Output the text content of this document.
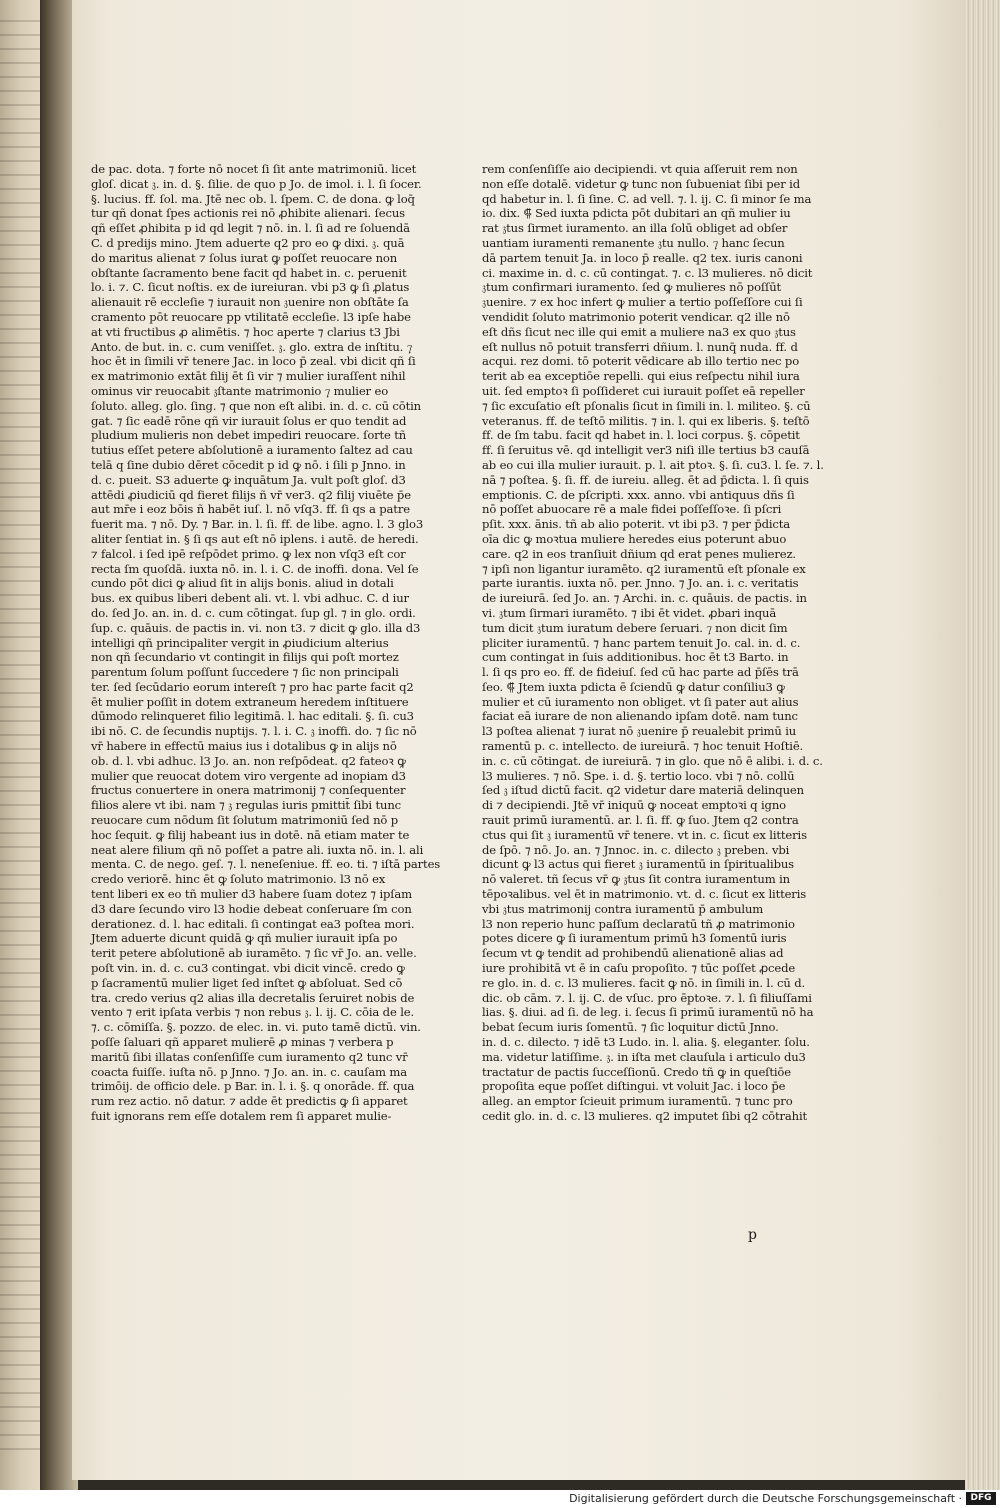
de pac. dota. ⁊ forte nō nocet ſi ſit ante matrimoniū. licet
gloſ. dicat 𝔷. in. d. §. ſilie. de quo p Jo. de imol. i. l. ſi ſocer.
§. lucius. ff. ſol. ma. Jtē nec ob. l. ſpem. C. de dona. ꝙ loq̄
tur qñ donat ſpes actionis rei nō ꝓhibite alienari. ſecus
qñ eſſet ꝓhibita p id qd legit ⁊ nō. in. l. ſi ad re ſoluendā
C. d predijs mino. Jtem aduerte q2 pro eo ꝙ dixi. 𝔷. quā
do maritus alienat ⁊ ſolus iurat ꝙ poſſet reuocare non
obſtante ſacramento bene facit qd habet in. c. peruenit
lo. i. ⁊. C. ſicut noſtis. ex de iureiuran. vbi p3 ꝙ ſi ꝓlatus
alienauit rē eccleſie ⁊ iurauit non 𝔷uenire non obſtāte ſa
cramento pōt reuocare pp vtilitatē eccleſie. l3 ipſe habe
at vti fructibus ꝓ alimētis. ⁊ hoc aperte ⁊ clarius t3 Jbi
Anto. de but. in. c. cum veniſſet. 𝔷. glo. extra de inſtitu. ⁊
hoc ēt in ſimili vr̄ tenere Jac. in loco p̄ zeal. vbi dicit qñ ſi
ex matrimonio extāt filij ēt ſi vir ⁊ mulier iuraſſent nihil
ominus vir reuocabit 𝔷ſtante matrimonio ⁊ mulier eo
ſoluto. alleg. glo. ſing. ⁊ que non eſt alibi. in. d. c. cū cōtin
gat. ⁊ ſic eadē rōne qñ vir iurauit ſolus er quo tendit ad
pludium mulieris non debet impediri reuocare. ſorte tñ
tutius eſſet petere abſolutionē a iuramento ſaltez ad cau
telā q ſine dubio dēret cōcedit p id ꝙ nō. i ſili p Jnno. in
d. c. pueit. S3 aduerte ꝙ inquātum Ja. vult poſt gloſ. d3
attēdi ꝓiudiciū qd fieret filijs ñ vr̄ ver3. q2 filij viuēte p̄e
aut mr̄e i eoz bōis ñ habēt iuſ. l. nō vſq3. ff. ſi qs a patre
fuerit ma. ⁊ nō. Dy. ⁊ Bar. in. l. ſi. ff. de libe. agno. l. 3 glo3
aliter ſentiat in. § ſi qs aut eſt nō iplens. i autē. de heredi.
⁊ falcol. i ſed ipē reſpōdet primo. ꝙ lex non vſq3 eſt cor
recta ſm quoſdā. iuxta nō. in. l. i. C. de inoffi. dona. Vel ſe
cundo pōt dici ꝙ aliud ſit in alijs bonis. aliud in dotali
bus. ex quibus liberi debent ali. vt. l. vbi adhuc. C. d iur
do. ſed Jo. an. in. d. c. cum cōtingat. ſup gl. ⁊ in glo. ordi.
ſup. c. quāuis. de pactis in. vi. non t3. ⁊ dicit ꝙ glo. illa d3
intelligi qñ principaliter vergit in ꝓiudicium alterius
non qñ ſecundario vt contingit in filijs qui poſt mortez
parentum ſolum poſſunt ſuccedere ⁊ ſic non principali
ter. ſed ſecūdario eorum intereſt ⁊ pro hac parte facit q2
ēt mulier poſſit in dotem extraneum heredem inſtituere
dūmodo relinqueret filio legitimā. l. hac editali. §. ſi. cu3
ibi nō. C. de ſecundis nuptijs. ⁊. l. i. C. 𝔷 inoffi. do. ⁊ ſic nō
vr̄ habere in effectū maius ius i dotalibus ꝙ in alijs nō
ob. d. l. vbi adhuc. l3 Jo. an. non reſpōdeat. q2 fateoꝛ ꝙ
mulier que reuocat dotem viro vergente ad inopiam d3
fructus conuertere in onera matrimonij ⁊ conſequenter
filios alere vt ibi. nam ⁊ 𝔷 regulas iuris pmittit̄ ſibi tunc
reuocare cum nōdum ſit ſolutum matrimoniū ſed nō p
hoc ſequit. ꝙ filij habeant ius in dotē. nā etiam mater te
neat alere filium qñ nō poſſet a patre ali. iuxta nō. in. l. ali
menta. C. de nego. geſ. ⁊. l. neneſeniue. ff. eo. ti. ⁊ iſtā partes
credo veriorē. hinc ēt ꝙ ſoluto matrimonio. l3 nō ex
tent liberi ex eo tñ mulier d3 habere ſuam dotez ⁊ ipſam
d3 dare ſecundo viro l3 hodie debeat conſeruare ſm con
derationez. d. l. hac editali. ſi contingat ea3 poſtea mori.
Jtem aduerte dicunt quidā ꝙ qñ mulier iurauit ipſa po
terit petere abſolutionē ab iuramēto. ⁊ ſic vr̄ Jo. an. velle.
poſt vin. in. d. c. cu3 contingat. vbi dicit vincē. credo ꝙ
p ſacramentū mulier liget ſed inſtet ꝙ abſoluat. Sed cō
tra. credo verius q2 alias illa decretalis ſeruiret nobis de
vento ⁊ erit ipſata verbis ⁊ non rebus 𝔷. l. ij. C. cōia de le.
⁊. c. cōmiſſa. §. pozzo. de elec. in. vi. puto tamē dictū. vin.
poſſe ſaluari qñ apparet mulierē ꝓ minas ⁊ verbera p
maritū ſibi illatas conſenſiſſe cum iuramento q2 tunc vr̄
coacta fuiſſe. iuſta nō. p Jnno. ⁊ Jo. an. in. c. cauſam ma
trimōij. de officio dele. p Bar. in. l. i. §. q onorāde. ff. qua
rum rez actio. nō datur. ⁊ adde ēt predictis ꝙ ſi apparet
fuit ignorans rem eſſe dotalem rem ſi apparet mulie‑
rem conſenſiſſe aio decipiendi. vt quia aſſeruit rem non
non eſſe dotalē. videtur ꝙ tunc non ſubueniat ſibi per id
qd habetur in. l. ſi ſine. C. ad vell. ⁊. l. ij. C. ſi minor ſe ma
io. dix. ⸿ Sed iuxta pdicta pōt dubitari an qñ mulier iu
rat 𝔷tus ſirmet iuramento. an illa ſolū obliget ad obſer
uantiam iuramenti remanente 𝔷tu nullo. ⁊ hanc ſecun
dā partem tenuit Ja. in loco p̄ realle. q2 tex. iuris canoni
ci. maxime in. d. c. cū contingat. ⁊. c. l3 mulieres. nō dicit
𝔷tum confirmari iuramento. ſed ꝙ mulieres nō poſſūt
𝔷uenire. ⁊ ex hoc infert ꝙ mulier a tertio poſſeſſore cui ſi
vendidit ſoluto matrimonio poterit vendicar. q2 ille nō
eſt dñs ſicut nec ille qui emit a muliere na3 ex quo 𝔷tus
eſt nullus nō potuit transferri dñium. l. nunq̄ nuda. ff. d
acqui. rez domi. tō poterit vēdicare ab illo tertio nec po
terit ab ea exceptiōe repelli. qui eius reſpectu nihil iura
uit. ſed emptoꝛ ſi poſſideret cui iurauit poſſet eā repeller
⁊ ſic excuſatio eſt pſonalis ſicut in ſimili in. l. militeo. §. cū
veteranus. ff. de teſtō militis. ⁊ in. l. qui ex liberis. §. teſtō
ff. de ſm tabu. facit qd habet in. l. loci corpus. §. cōpetit
ff. ſi ſeruitus vē. qd intelligit ver3 niſi ille tertius b3 cauſā
ab eo cui illa mulier iurauit. p. l. ait ptoꝛ. §. ſi. cu3. l. ſe. ⁊. l.
nā ⁊ poſtea. §. ſi. ff. de iureiu. alleg. ēt ad p̄dicta. l. ſi quis
emptionis. C. de pſcripti. xxx. anno. vbi antiquus dñs ſi
nō poſſet abuocare rē a male fidei poſſeſſoꝛe. ſi pſcri
pſit. xxx. ānis. tñ ab alio poterit. vt ibi p3. ⁊ per p̄dicta
oīa dic ꝙ moꝛtua muliere heredes eius poterunt abuo
care. q2 in eos tranſiuit dñium qd erat penes mulierez.
⁊ ipſi non ligantur iuramēto. q2 iuramentū eſt pſonale ex
parte iurantis. iuxta nō. per. Jnno. ⁊ Jo. an. i. c. veritatis
de iureiurā. ſed Jo. an. ⁊ Archi. in. c. quāuis. de pactis. in
vi. 𝔷tum ſirmari iuramēto. ⁊ ibi ēt videt. ꝓbari inquā
tum dicit 𝔷tum iuratum debere ſeruari. ⁊ non dicit ſim
pliciter iuramentū. ⁊ hanc partem tenuit Jo. cal. in. d. c.
cum contingat in ſuis additionibus. hoc ēt t3 Barto. in
l. ſi qs pro eo. ff. de fideiuſ. ſed cū hac parte ad p̄ſēs trā
ſeo. ⸿ Jtem iuxta pdicta ē ſciendū ꝙ datur conſiliu3 ꝙ
mulier et cū iuramento non obliget. vt ſi pater aut alius
faciat eā iurare de non alienando ipſam dotē. nam tunc
l3 poſtea alienat ⁊ iurat nō 𝔷uenire p̄ reualebit primū iu
ramentū p. c. intellecto. de iureiurā. ⁊ hoc tenuit Hoſtiē.
in. c. cū cōtingat. de iureiurā. ⁊ in glo. que nō ē alibi. i. d. c.
l3 mulieres. ⁊ nō. Spe. i. d. §. tertio loco. vbi ⁊ nō. collū
ſed 𝔷 iſtud dictū facit. q2 videtur dare materiā delinquen
di ⁊ decipiendi. Jtē vr̄ iniquū ꝙ noceat emptoꝛi q igno
rauit primū iuramentū. ar. l. ſi. ff. ꝙ ſuo. Jtem q2 contra
ctus qui ſit 𝔷 iuramentū vr̄ tenere. vt in. c. ſicut ex litteris
de ſpō. ⁊ nō. Jo. an. ⁊ Jnnoc. in. c. dilecto 𝔷 preben. vbi
dicunt ꝙ l3 actus qui fieret 𝔷 iuramentū in ſpiritualibus
nō valeret. tñ ſecus vr̄ ꝙ 𝔷tus ſit contra iuramentum in
tēpoꝛalibus. vel ēt in matrimonio. vt. d. c. ſicut ex litteris
vbi 𝔷tus matrimonij contra iuramentū p̄ ambulum
l3 non reperio hunc paſſum declaratū tñ ꝓ matrimonio
potes dicere ꝙ ſi iuramentum primū h3 ſomentū iuris
ſecum vt ꝙ tendit ad prohibendū alienationē alias ad
iure prohibitā vt ē in caſu propoſito. ⁊ tūc poſſet ꝓcede
re glo. in. d. c. l3 mulieres. facit ꝙ nō. in ſimili in. l. cū d.
dic. ob cām. ⁊. l. ij. C. de vſuc. pro ēptoꝛe. ⁊. l. ſi filiuſſami
lias. §. diui. ad ſi. de leg. i. ſecus ſi primū iuramentū nō ha
bebat ſecum iuris ſomentū. ⁊ ſic loquitur dictū Jnno.
in. d. c. dilecto. ⁊ idē t3 Ludo. in. l. alia. §. eleganter. ſolu.
ma. videtur latiſſime. 𝔷. in iſta met clauſula i articulo du3
tractatur de pactis ſucceſſionū. Credo tñ ꝙ in queſtiōe
propoſita eque poſſet diſtingui. vt voluit Jac. i loco p̄e
alleg. an emptor ſcieuit primum iuramentū. ⁊ tunc pro
cedit glo. in. d. c. l3 mulieres. q2 imputet ſibi q2 cōtrahit
p
Digitalisierung gefördert durch die Deutsche Forschungsgemeinschaft · DFG
